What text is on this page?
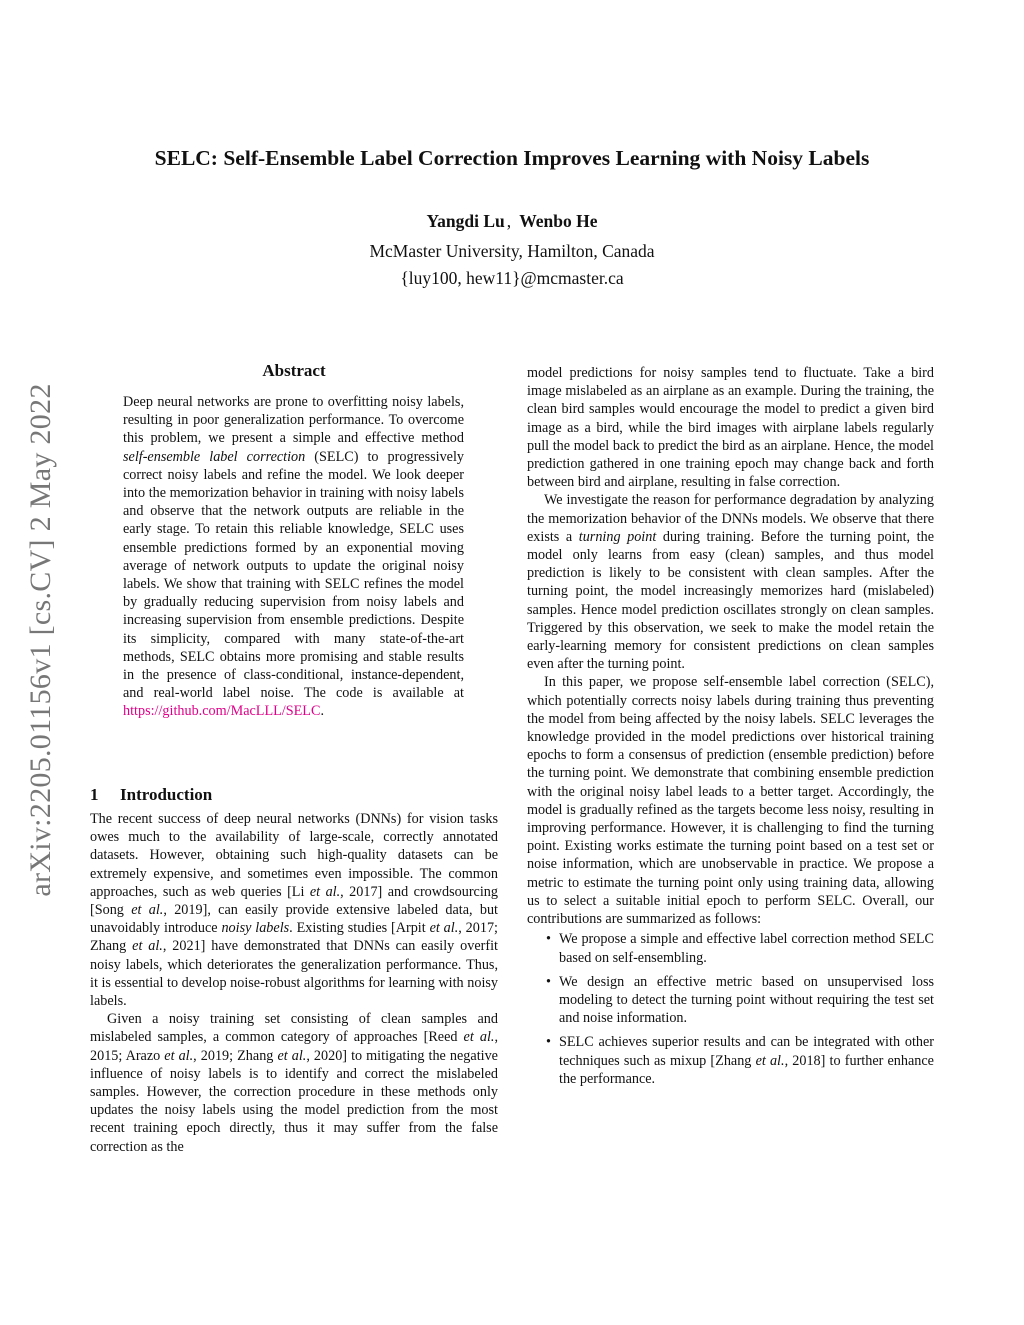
SELC: Self-Ensemble Label Correction Improves Learning with Noisy Labels
Yangdi Lu , Wenbo He
McMaster University, Hamilton, Canada
{luy100, hew11}@mcmaster.ca
arXiv:2205.01156v1 [cs.CV] 2 May 2022
Abstract

Deep neural networks are prone to overfitting noisy labels, resulting in poor generalization performance. To overcome this problem, we present a simple and effective method self-ensemble label correction (SELC) to progressively correct noisy labels and refine the model. We look deeper into the memorization behavior in training with noisy labels and observe that the network outputs are reliable in the early stage. To retain this reliable knowledge, SELC uses ensemble predictions formed by an exponential moving average of network outputs to update the original noisy labels. We show that training with SELC refines the model by gradually reducing supervision from noisy labels and increasing supervision from ensemble predictions. Despite its simplicity, compared with many state-of-the-art methods, SELC obtains more promising and stable results in the presence of class-conditional, instance-dependent, and real-world label noise. The code is available at https://github.com/MacLLL/SELC.

1 Introduction

The recent success of deep neural networks (DNNs) for vision tasks owes much to the availability of large-scale, correctly annotated datasets. However, obtaining such high-quality datasets can be extremely expensive, and sometimes even impossible. The common approaches, such as web queries [Li et al., 2017] and crowdsourcing [Song et al., 2019], can easily provide extensive labeled data, but unavoidably introduce noisy labels. Existing studies [Arpit et al., 2017; Zhang et al., 2021] have demonstrated that DNNs can easily overfit noisy labels, which deteriorates the generalization performance. Thus, it is essential to develop noise-robust algorithms for learning with noisy labels.

Given a noisy training set consisting of clean samples and mislabeled samples, a common category of approaches [Reed et al., 2015; Arazo et al., 2019; Zhang et al., 2020] to mitigating the negative influence of noisy labels is to identify and correct the mislabeled samples. However, the correction procedure in these methods only updates the noisy labels using the model prediction from the most recent training epoch directly, thus it may suffer from the false correction as the

model predictions for noisy samples tend to fluctuate. Take a bird image mislabeled as an airplane as an example. During the training, the clean bird samples would encourage the model to predict a given bird image as a bird, while the bird images with airplane labels regularly pull the model back to predict the bird as an airplane. Hence, the model prediction gathered in one training epoch may change back and forth between bird and airplane, resulting in false correction.

We investigate the reason for performance degradation by analyzing the memorization behavior of the DNNs models. We observe that there exists a turning point during training. Before the turning point, the model only learns from easy (clean) samples, and thus model prediction is likely to be consistent with clean samples. After the turning point, the model increasingly memorizes hard (mislabeled) samples. Hence model prediction oscillates strongly on clean samples. Triggered by this observation, we seek to make the model retain the early-learning memory for consistent predictions on clean samples even after the turning point.

In this paper, we propose self-ensemble label correction (SELC), which potentially corrects noisy labels during training thus preventing the model from being affected by the noisy labels. SELC leverages the knowledge provided in the model predictions over historical training epochs to form a consensus of prediction (ensemble prediction) before the turning point. We demonstrate that combining ensemble prediction with the original noisy label leads to a better target. Accordingly, the model is gradually refined as the targets become less noisy, resulting in improving performance. However, it is challenging to find the turning point. Existing works estimate the turning point based on a test set or noise information, which are unobservable in practice. We propose a metric to estimate the turning point only using training data, allowing us to select a suitable initial epoch to perform SELC. Overall, our contributions are summarized as follows:

• We propose a simple and effective label correction method SELC based on self-ensembling.
• We design an effective metric based on unsupervised loss modeling to detect the turning point without requiring the test set and noise information.
• SELC achieves superior results and can be integrated with other techniques such as mixup [Zhang et al., 2018] to further enhance the performance.
